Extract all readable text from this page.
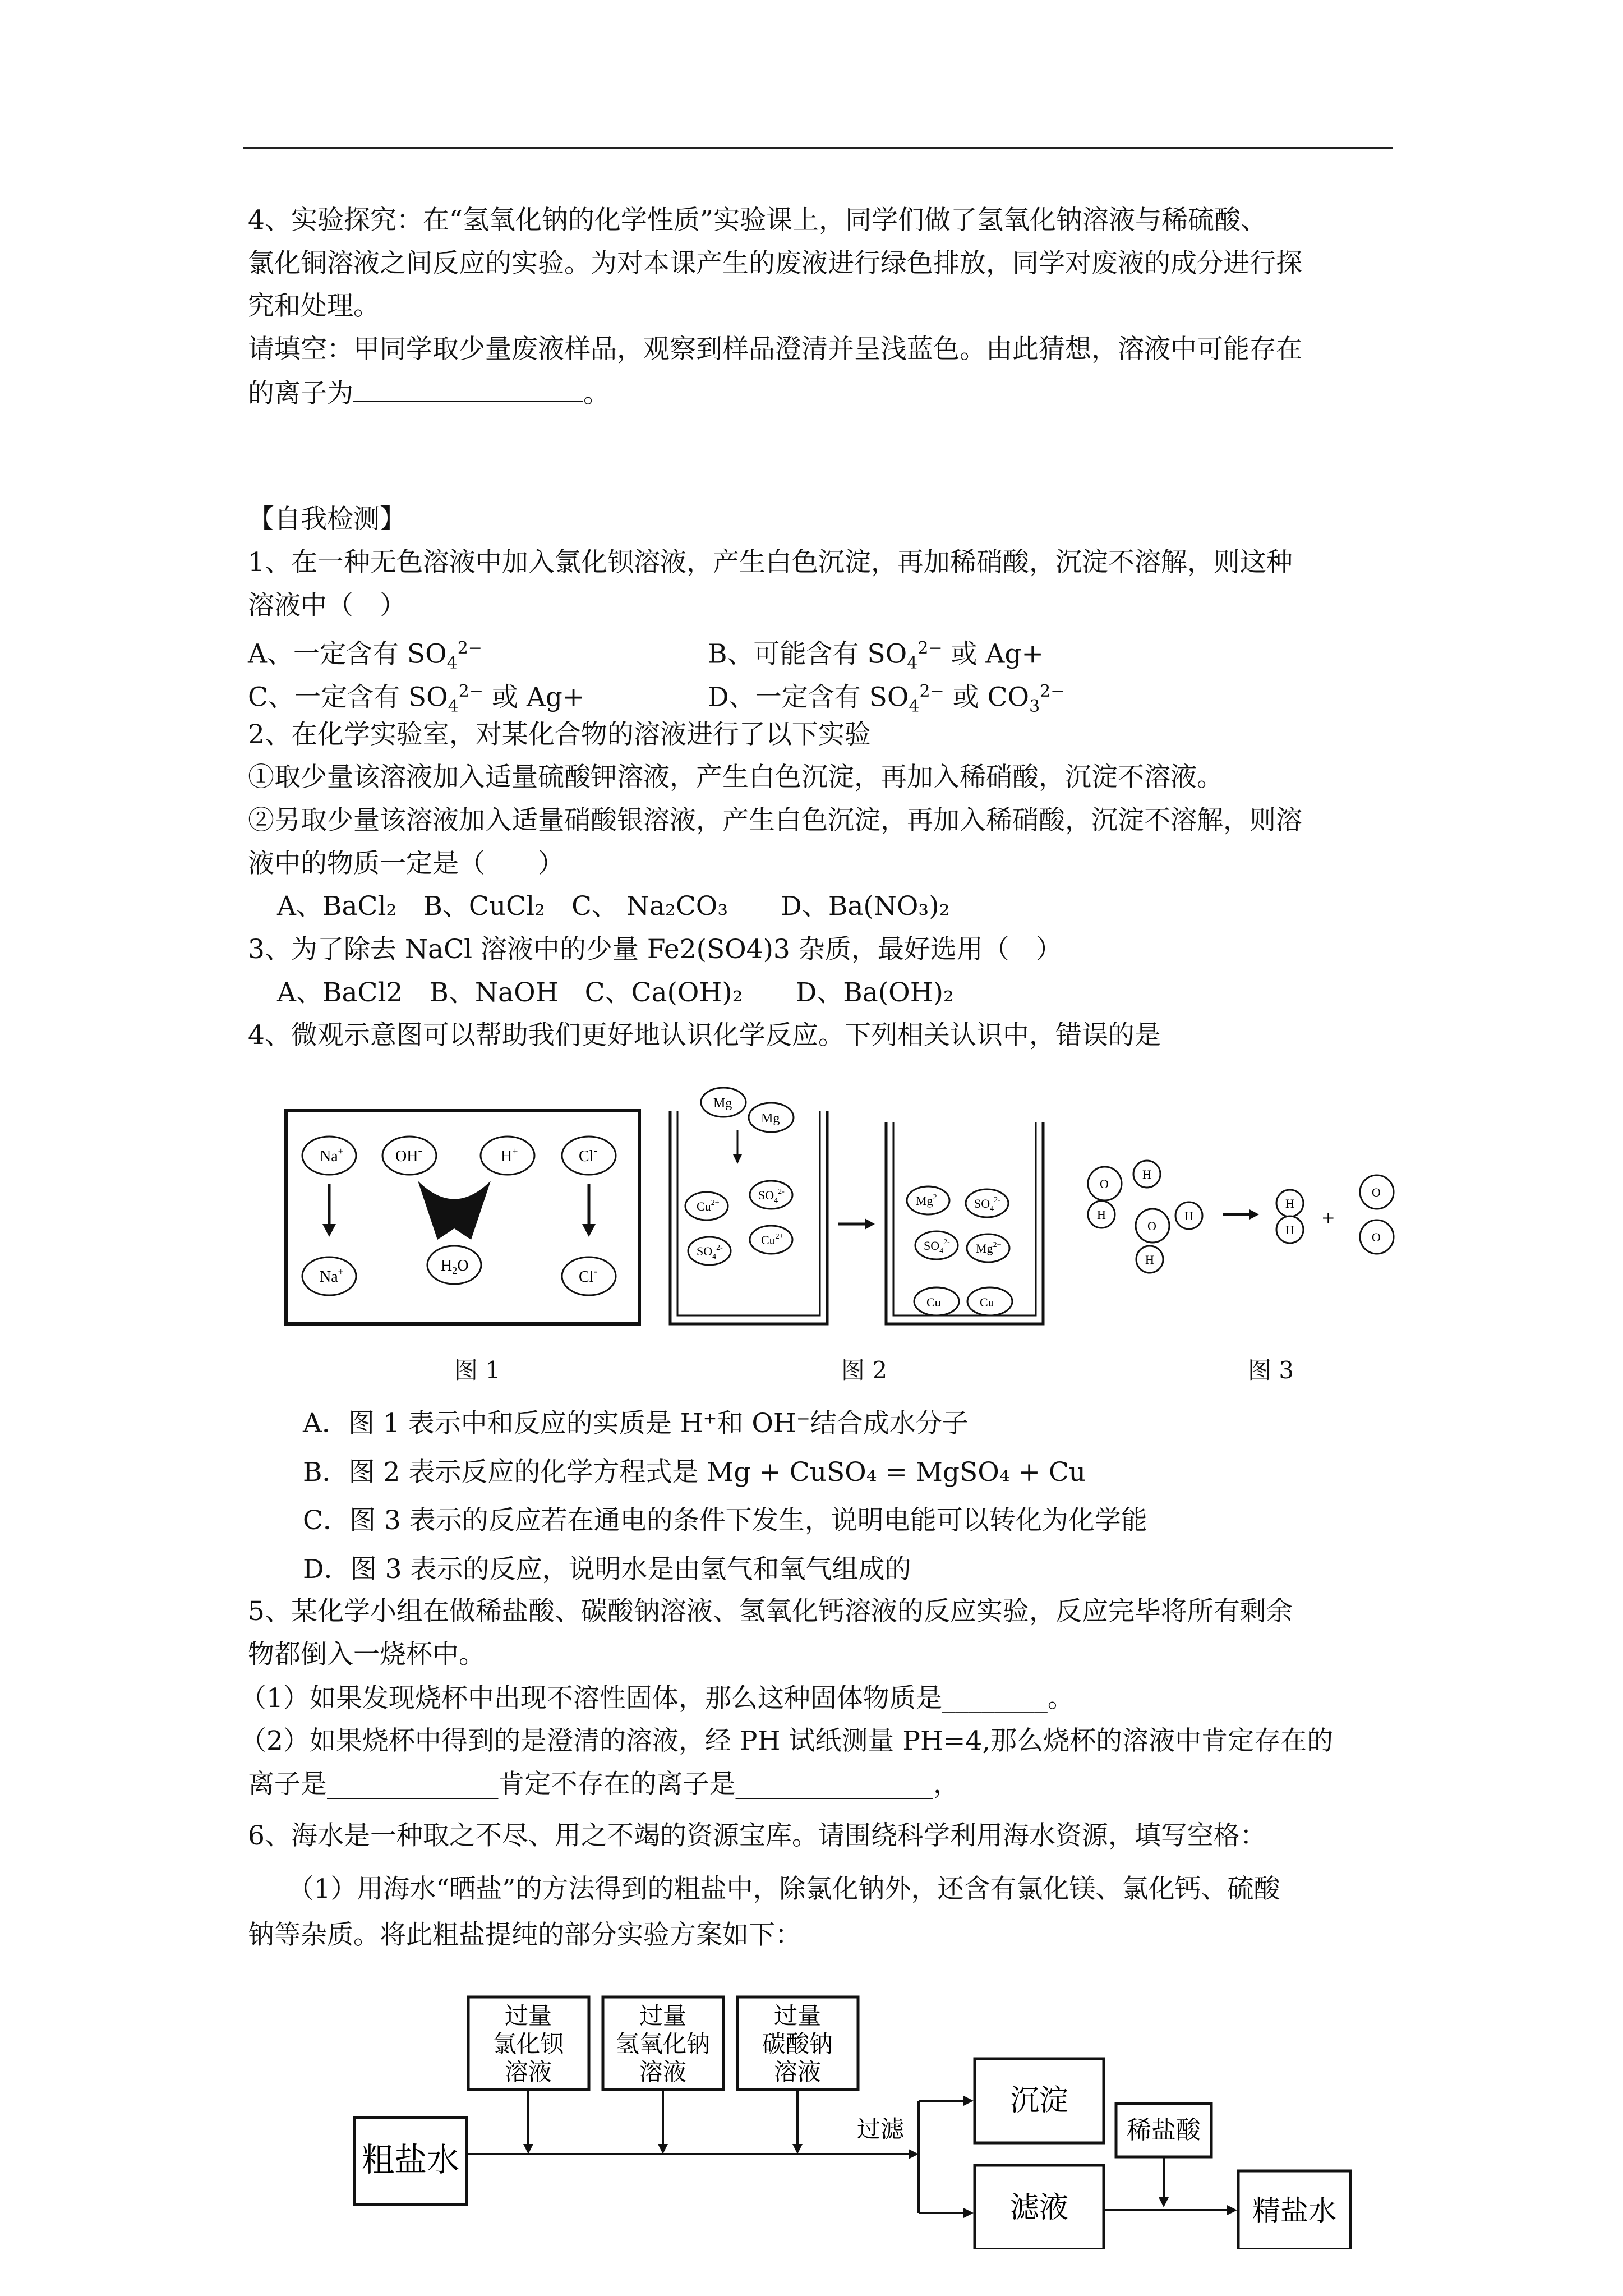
4、实验探究：在“氢氧化钠的化学性质”实验课上，同学们做了氢氧化钠溶液与稀硫酸、
氯化铜溶液之间反应的实验。为对本课产生的废液进行绿色排放，同学对废液的成分进行探
究和处理。
请填空：甲同学取少量废液样品，观察到样品澄清并呈浅蓝色。由此猜想，溶液中可能存在
的离子为	。
【自我检测】
1、在一种无色溶液中加入氯化钡溶液，产生白色沉淀，再加稀硝酸，沉淀不溶解，则这种
溶液中（　）
A、一定含有 $SO_4^{2-}$	B、可能含有 $SO_4^{2-}$ 或 Ag+
C、一定含有 $SO_4^{2-}$ 或 Ag+	D、一定含有 $SO_4^{2-}$ 或 $CO_3^{2-}$
2、在化学实验室，对某化合物的溶液进行了以下实验
①取少量该溶液加入适量硫酸钾溶液，产生白色沉淀，再加入稀硝酸，沉淀不溶液。
②另取少量该溶液加入适量硝酸银溶液，产生白色沉淀，再加入稀硝酸，沉淀不溶解，则溶
液中的物质一定是（　　）
A、BaCl₂　B、CuCl₂　C、 Na₂CO₃　　D、Ba(NO₃)₂
3、为了除去 NaCl 溶液中的少量 Fe2(SO4)3 杂质，最好选用（　）
A、BaCl2　B、NaOH　C、Ca(OH)₂　　D、Ba(OH)₂
4、微观示意图可以帮助我们更好地认识化学反应。下列相关认识中，错误的是
Na+	OH-	H+	Cl-
Na+	$H_2O$
Cl-
Mg
Mg
$Cu^{2+}$
$SO_4^{2-}$
$Cu^{2+}$
$SO_4^{2-}$
$Mg^{2+}$	$SO_4^{2-}$
$SO_4^{2-}$ $Mg^{2+}$
Cu	Cu
O
H
H
O
H
H
H
H +
O
O
图 1	图 2	图 3
A．图 1 表示中和反应的实质是 H⁺和 OH⁻结合成水分子
B．图 2 表示反应的化学方程式是 Mg + CuSO₄ = MgSO₄ + Cu
C．图 3 表示的反应若在通电的条件下发生，说明电能可以转化为化学能
D．图 3 表示的反应，说明水是由氢气和氧气组成的
5、某化学小组在做稀盐酸、碳酸钠溶液、氢氧化钙溶液的反应实验，反应完毕将所有剩余
物都倒入一烧杯中。
（1）如果发现烧杯中出现不溶性固体，那么这种固体物质是________。
（2）如果烧杯中得到的是澄清的溶液，经 PH 试纸测量 PH=4,那么烧杯的溶液中肯定存在的
离子是_____________肯定不存在的离子是_______________，
6、海水是一种取之不尽、用之不竭的资源宝库。请围绕科学利用海水资源，填写空格：
　　（1）用海水“晒盐”的方法得到的粗盐中，除氯化钠外，还含有氯化镁、氯化钙、硫酸
钠等杂质。将此粗盐提纯的部分实验方案如下：
粗盐水
过量
氯化钡
溶液
过量
氢氧化钠
溶液
过量
碳酸钠
溶液
过滤
沉淀
滤液
稀盐酸
精盐水
